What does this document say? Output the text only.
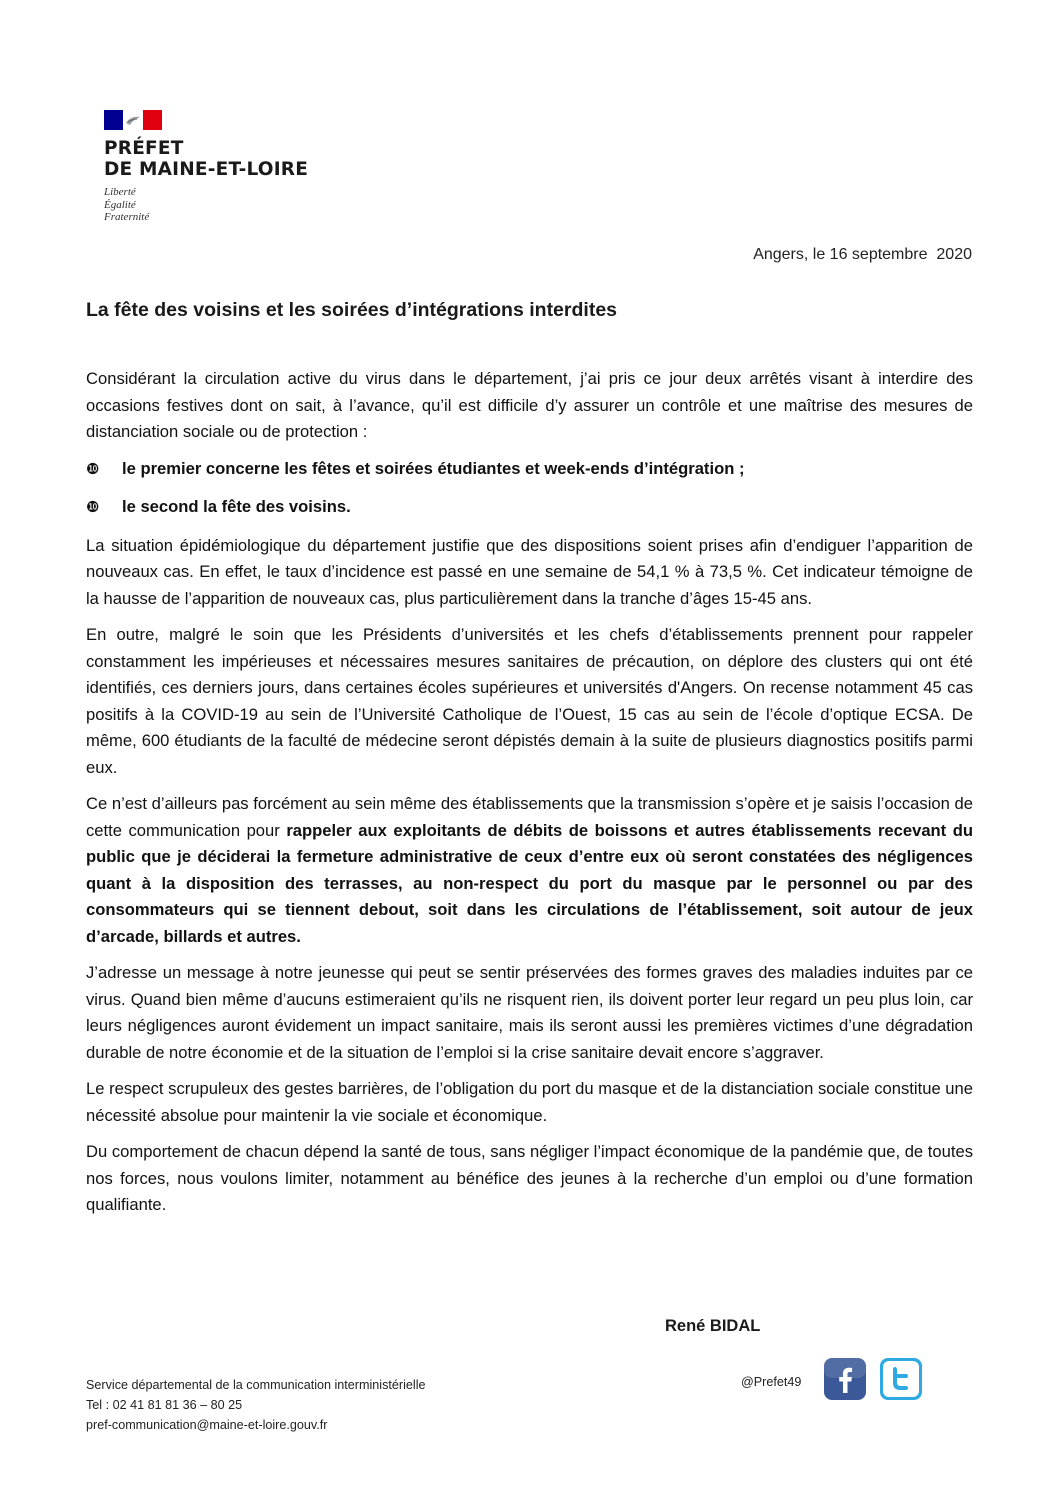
PRÉFET
DE MAINE-ET-LOIRE
Liberté
Égalité
Fraternité
Angers, le 16 septembre  2020
La fête des voisins et les soirées d’intégrations interdites

Considérant la circulation active du virus dans le département, j’ai pris ce jour deux arrêtés visant à interdire des occasions festives dont on sait, à l’avance, qu’il est difficile d’y assurer un contrôle et une maîtrise des mesures de distanciation sociale ou de protection :

❿	le premier concerne les fêtes et soirées étudiantes et week-ends d’intégration ;
❿	le second la fête des voisins.

La situation épidémiologique du département justifie que des dispositions soient prises afin d’endiguer l’apparition de nouveaux cas. En effet, le taux d’incidence est passé en une semaine de 54,1 % à 73,5 %. Cet indicateur témoigne de la hausse de l’apparition de nouveaux cas, plus particulièrement dans la tranche d’âges 15-45 ans.

En outre, malgré le soin que les Présidents d’universités et les chefs d’établissements prennent pour rappeler constamment les impérieuses et nécessaires mesures sanitaires de précaution, on déplore des clusters qui ont été identifiés, ces derniers jours, dans certaines écoles supérieures et universités d'Angers. On recense notamment 45 cas positifs à la COVID-19 au sein de l’Université Catholique de l’Ouest, 15 cas au sein de l’école d’optique ECSA. De même, 600 étudiants de la faculté de médecine seront dépistés demain à la suite de plusieurs diagnostics positifs parmi eux.

Ce n’est d’ailleurs pas forcément au sein même des établissements que la transmission s’opère et je saisis l’occasion de cette communication pour rappeler aux exploitants de débits de boissons et autres établissements recevant du public que je déciderai la fermeture administrative de ceux d’entre eux où seront constatées des négligences quant à la disposition des terrasses, au non-respect du port du masque par le personnel ou par des consommateurs qui se tiennent debout, soit dans les circulations de l’établissement, soit autour de jeux d’arcade, billards et autres.

J’adresse un message à notre jeunesse qui peut se sentir préservées des formes graves des maladies induites par ce virus. Quand bien même d’aucuns estimeraient qu’ils ne risquent rien, ils doivent porter leur regard un peu plus loin, car leurs négligences auront évidement un impact sanitaire, mais ils seront aussi les premières victimes d’une dégradation durable de notre économie et de la situation de l’emploi si la crise sanitaire devait encore s’aggraver.

Le respect scrupuleux des gestes barrières, de l’obligation du port du masque et de la distanciation sociale constitue une nécessité absolue pour maintenir la vie sociale et économique.

Du comportement de chacun dépend la santé de tous, sans négliger l’impact économique de la pandémie que, de toutes nos forces, nous voulons limiter, notamment au bénéfice des jeunes à la recherche d’un emploi ou d’une formation qualifiante.

René BIDAL
Service départemental de la communication interministérielle
Tel : 02 41 81 81 36 – 80 25
pref-communication@maine-et-loire.gouv.fr
@Prefet49
